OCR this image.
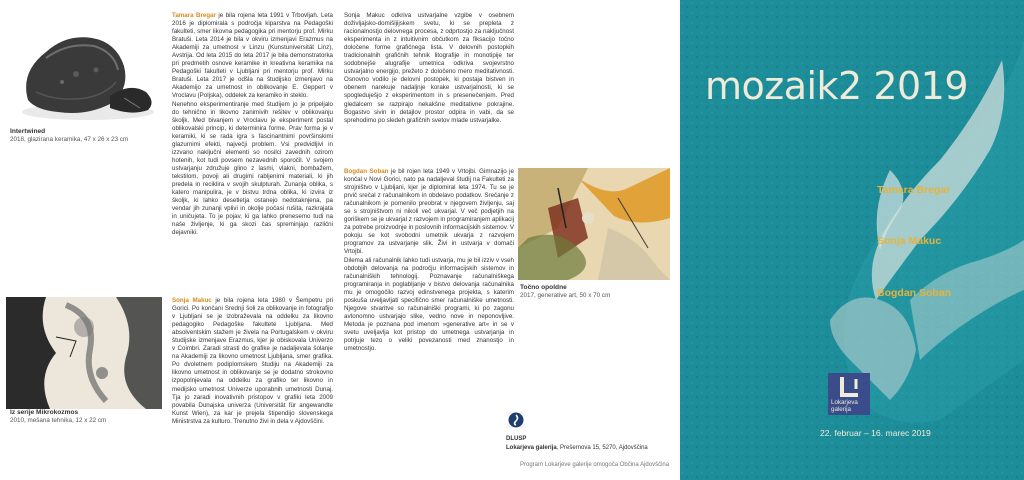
Intertwined
2018, glazirana keramika, 47 x 26 x 23 cm
Iz serije Mikrokozmos
2010, mešana tehnika, 12 x 22 cm
Tamara Bregar je bila rojena leta 1991 v Trbovljah. Leta 2016 je diplomirala s področja kiparstva na Pedagoški fakulteti, smer likovna pedagogika pri mentorju prof. Mirku Bratuši. Leta 2014 je bila v okviru izmenjavi Erazmus na Akademiji za umetnost v Linzu (Kunstuniversität Linz), Avstrija. Od leta 2015 do leta 2017 je bila demonstratorka pri predmetih osnove keramike in kreativna keramika na Pedagoški fakulteti v Ljubljani pri mentorju prof. Mirku Bratuši. Leta 2017 je odšla na študijsko izmenjavo na Akademijo za umetnost in oblikovanje E. Geppert v Vroclavu (Poljska), oddelek za keramiko in steklo.
Nenehno eksperimentiranje med študijem jo je pripeljalo do tehnično in likovno zanimivih rešitev v oblikovanju školjk. Med bivanjem v Vroclavu je eksperiment postal oblikovalski princip, ki determinira forme. Prav forma je v keramiki, ki se rada igra s fascinantnimi površinskimi glazurnimi efekti, največji problem. Vsi predvidljivi in izzvano naključni elementi so nosilci zavednih ozirom hotenih, kot tudi povsem nezavednih sporočil. V svojem ustvarjanju združuje glino z lasmi, vlakni, bombažem, tekstilom, povoji ali drugimi rabljenimi materiali, ki jih predela in reciklira v svojih skulpturah. Zunanja oblika, s katero manipulira, je v bistvu trdna oblika, ki izvira iz školjk, ki lahko desetletja ostanejo nedotaknjena, pa vendar jih zunanji vplivi in okolje počasi rušita, razkrajata in uničujeta. To je pojav, ki ga lahko prenesemo tudi na naše življenje, ki ga skozi čas spreminjajo različni dejavniki.
Sonja Makuc je bila rojena leta 1980 v Šempetru pri Gorici. Po končani Srednji šoli za oblikovanje in fotografijo v Ljubljani se je izobraževala na oddelku za likovno pedagogiko Pedagoške fakultete Ljubljana. Med absolventskim stažem je živela na Portugalskem v okviru študijske izmenjave Erazmus, kjer je obiskovala Univerzo v Coimbri. Zaradi strasti do grafike je nadaljevala šolanje na Akademiji za likovno umetnost Ljubljana, smer grafika. Po dvoletnem podiplomskem študiju na Akademiji za likovno umetnost in oblikovanje se je dodatno strokovno izpopolnjevala na oddelku za grafiko ter likovno in medijsko umetnost Univerze uporabnih umetnosti Dunaj. Tja jo zaradi inovativnih pristopov v grafiki leta 2009 povabila Dunajska univerza (Universität für angewandte Kunst Wien), za kar je prejela štipendijo slovenskega Ministrstva za kulturo. Trenutno živi in dela v Ajdovščini.
Sonja Makuc odkriva ustvarjalne vzgibe v osebnem doživljajsko-domišljijskem svetu, ki se prepleta z racionalnostjo delovnega procesa, z odprtostjo za naključnost eksperimenta in z intuitivnim občutkom za fiksacijo točno določene forme grafičnega lista. V delovnih postopkih tradicionalnih grafičnih tehnik litografije in monotipije ter sodobnejše alugrafije umetnica odkriva svojevrstno ustvarjalno energijo, prežeto z določeno mero meditativnosti. Osnovno vodilo je delovni postopek, ki postaja bistven in obenem narekuje nadaljnje korake ustvarjalnosti, ki se spogleduješjo z eksperimentom in s presenečenjem. Pred gledalcem se razpirajo nekakšne meditativne pokrajine. Bogastvo sivin in detajlov prostor odpira in vabi, da se sprehodimo po sledeh grafičnih svetov mlade ustvarjalke.
Bogdan Soban je bil rojen leta 1949 v Vrtojbi. Gimnazijo je končal v Novi Gorici, nato pa nadaljeval študij na Fakulteti za strojništvo v Ljubljani, kjer je diplomiral leta 1974. Tu se je prvič srečal z računalnikom in obdelavo podatkov. Srečanje z računalnikom je pomenilo preobrat v njegovem življenju, saj se s strojništvom ni nikoli več ukvarjal. V več podjetjih na goriškem se je ukvarjal z razvojem in programiranjem aplikacij za potrebe proizvodnje in poslovnih informacijskih sistemov. V pokoju se kot svobodni umetnik ukvarja z razvojem programov za ustvarjanje slik. Živi in ustvarja v domači Vrtojbi.
Dilema ali računalnik lahko tudi ustvarja, mu je bil izziv v vseh obdobjih delovanja na področju informacijskih sistemov in računalniških tehnologij. Poznavanje računalniškega programiranja in poglabljanje v bistvo delovanja računalnika mu je omogočilo razvoj edinstvenega projekta, s katerim poskuša uveljavljati specifično smer računalniške umetnosti. Njegove stvaritve so računalniški programi, ki po zagonu avtonomno ustvarjajo slike, vedno nove in neponovljive. Metoda je poznana pod imenom »generative art« in se v svetu uveljavlja kot pristop do umetnega ustvarjanja in potrjuje tezo o veliki povezanosti med znanostjo in umetnostjo.
Točno opoldne
2017, generative art, 50 x 70 cm
DLUSP
Lokarjeva galerija, Prešernova 15, 5270, Ajdovščina
Program Lokarjeve galerije omogoča Občina Ajdovščina
mozaik2 2019
Tamara Bregar
Sonja Makuc
Bogdan Soban
Lokarjeva
galerija
22. februar – 16. marec 2019
